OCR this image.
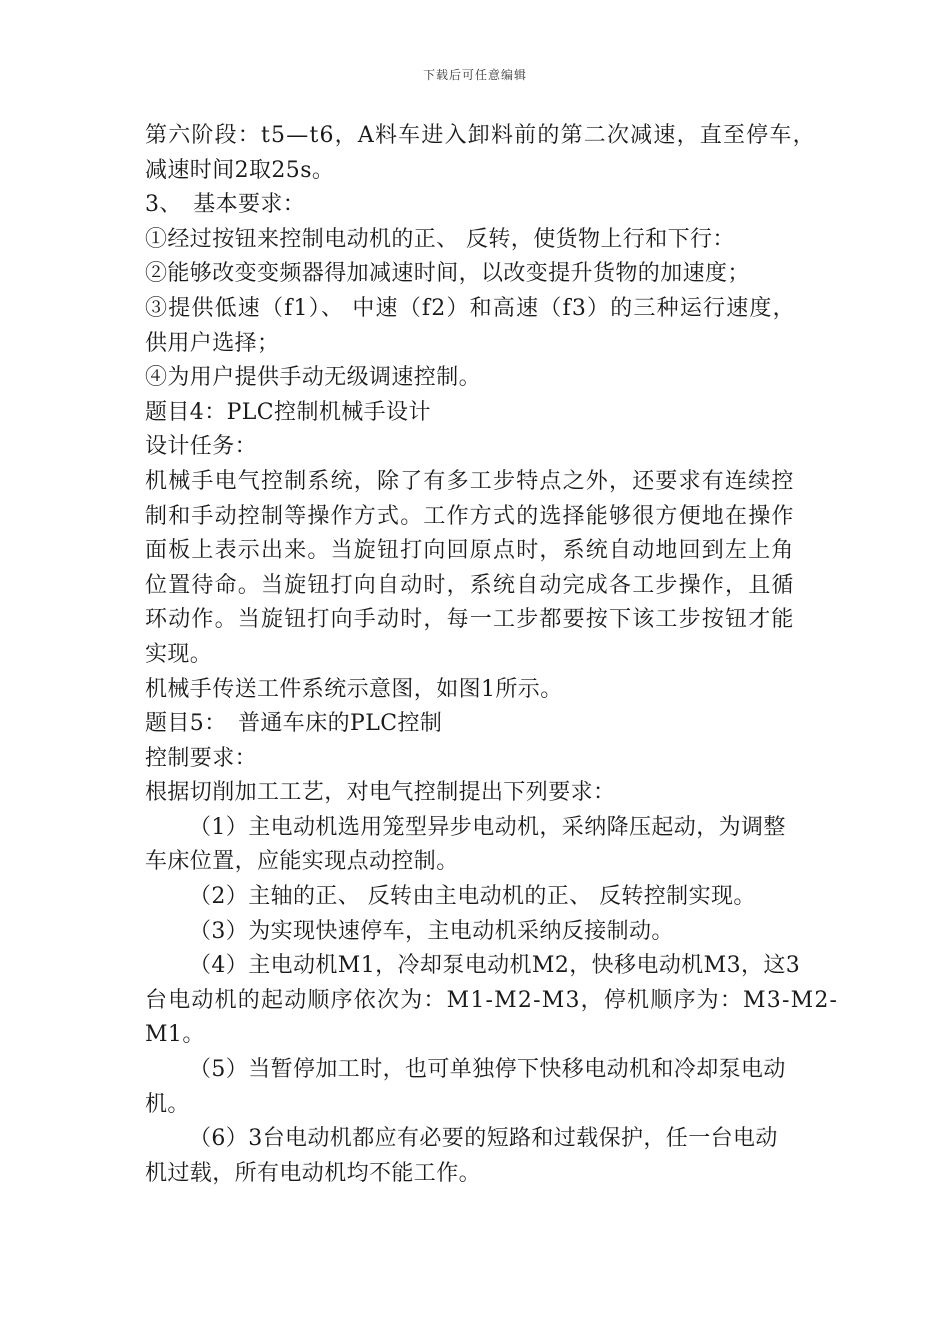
下载后可任意编辑
第六阶段：t5—t6，A料车进入卸料前的第二次减速，直至停车，
减速时间2取25s。
3、　基本要求：
①经过按钮来控制电动机的正、 反转，使货物上行和下行：
②能够改变变频器得加减速时间，以改变提升货物的加速度；
③提供低速（f1）、 中速（f2）和高速（f3）的三种运行速度，
供用户选择；
④为用户提供手动无级调速控制。
题目4：PLC控制机械手设计
设计任务：
机械手电气控制系统，除了有多工步特点之外，还要求有连续控
制和手动控制等操作方式。工作方式的选择能够很方便地在操作
面板上表示出来。当旋钮打向回原点时，系统自动地回到左上角
位置待命。当旋钮打向自动时，系统自动完成各工步操作，且循
环动作。当旋钮打向手动时，每一工步都要按下该工步按钮才能
实现。
机械手传送工件系统示意图，如图1所示。
题目5：　普通车床的PLC控制
控制要求：
根据切削加工工艺，对电气控制提出下列要求：
（1）主电动机选用笼型异步电动机，采纳降压起动，为调整
车床位置，应能实现点动控制。
（2）主轴的正、 反转由主电动机的正、 反转控制实现。
（3）为实现快速停车，主电动机采纳反接制动。
（4）主电动机M1，冷却泵电动机M2，快移电动机M3，这3
台电动机的起动顺序依次为：M1-M2-M3，停机顺序为：M3-M2-
M1。
（5）当暂停加工时，也可单独停下快移电动机和冷却泵电动
机。
（6）3台电动机都应有必要的短路和过载保护，任一台电动
机过载，所有电动机均不能工作。
